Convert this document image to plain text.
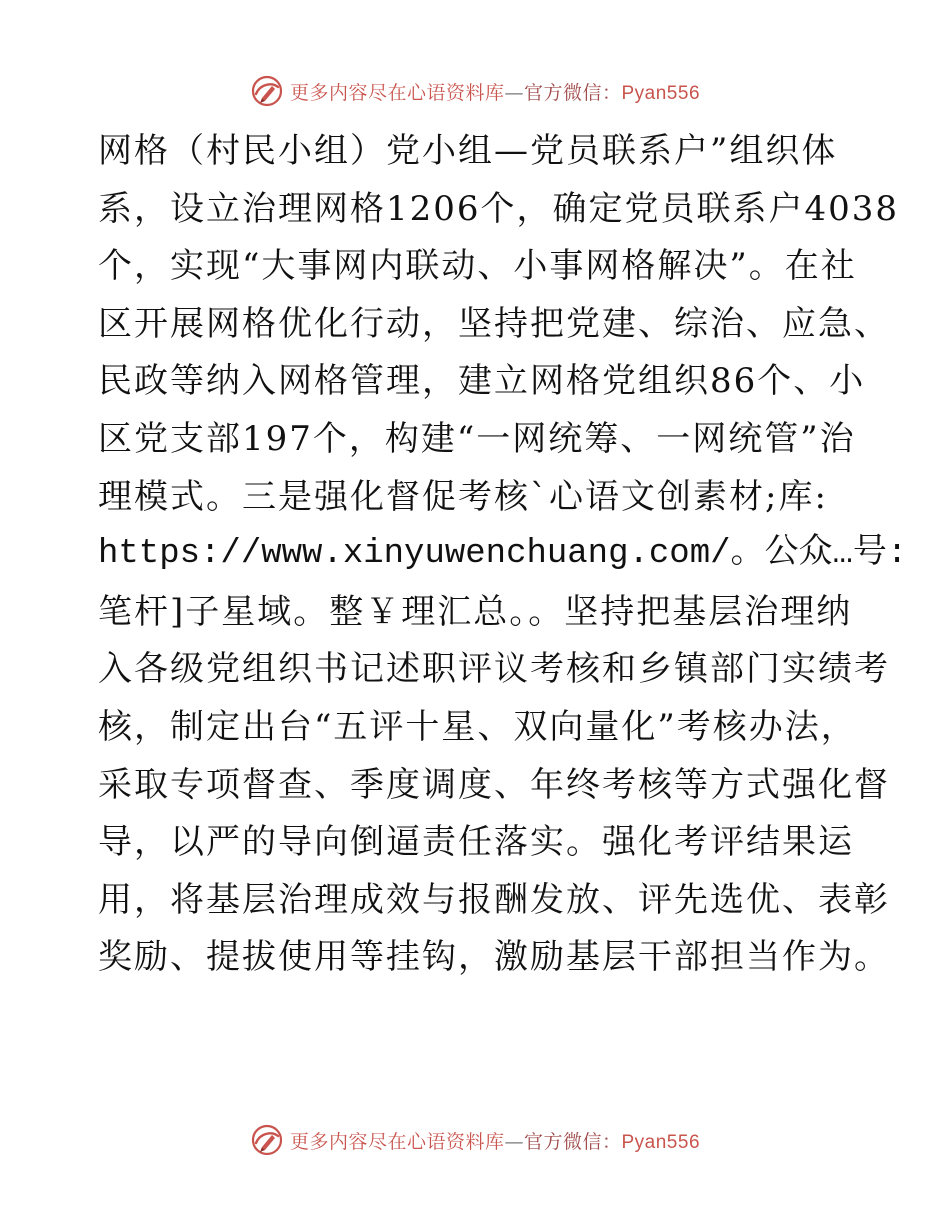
更多内容尽在心语资料库—官方微信：Pyan556
网格（村民小组）党小组—党员联系户”组织体
系，设立治理网格1206个，确定党员联系户4038
个，实现“大事网内联动、小事网格解决”。在社
区开展网格优化行动，坚持把党建、综治、应急、
民政等纳入网格管理，建立网格党组织86个、小
区党支部197个，构建“一网统筹、一网统管”治
理模式。三是强化督促考核`心语文创素材;库:
https://www.xinyuwenchuang.com/。公众…号:
笔杆]子星域。整￥理汇总。。坚持把基层治理纳
入各级党组织书记述职评议考核和乡镇部门实绩考
核，制定出台“五评十星、双向量化”考核办法，
采取专项督查、季度调度、年终考核等方式强化督
导，以严的导向倒逼责任落实。强化考评结果运
用，将基层治理成效与报酬发放、评先选优、表彰
奖励、提拔使用等挂钩，激励基层干部担当作为。
更多内容尽在心语资料库—官方微信：Pyan556
